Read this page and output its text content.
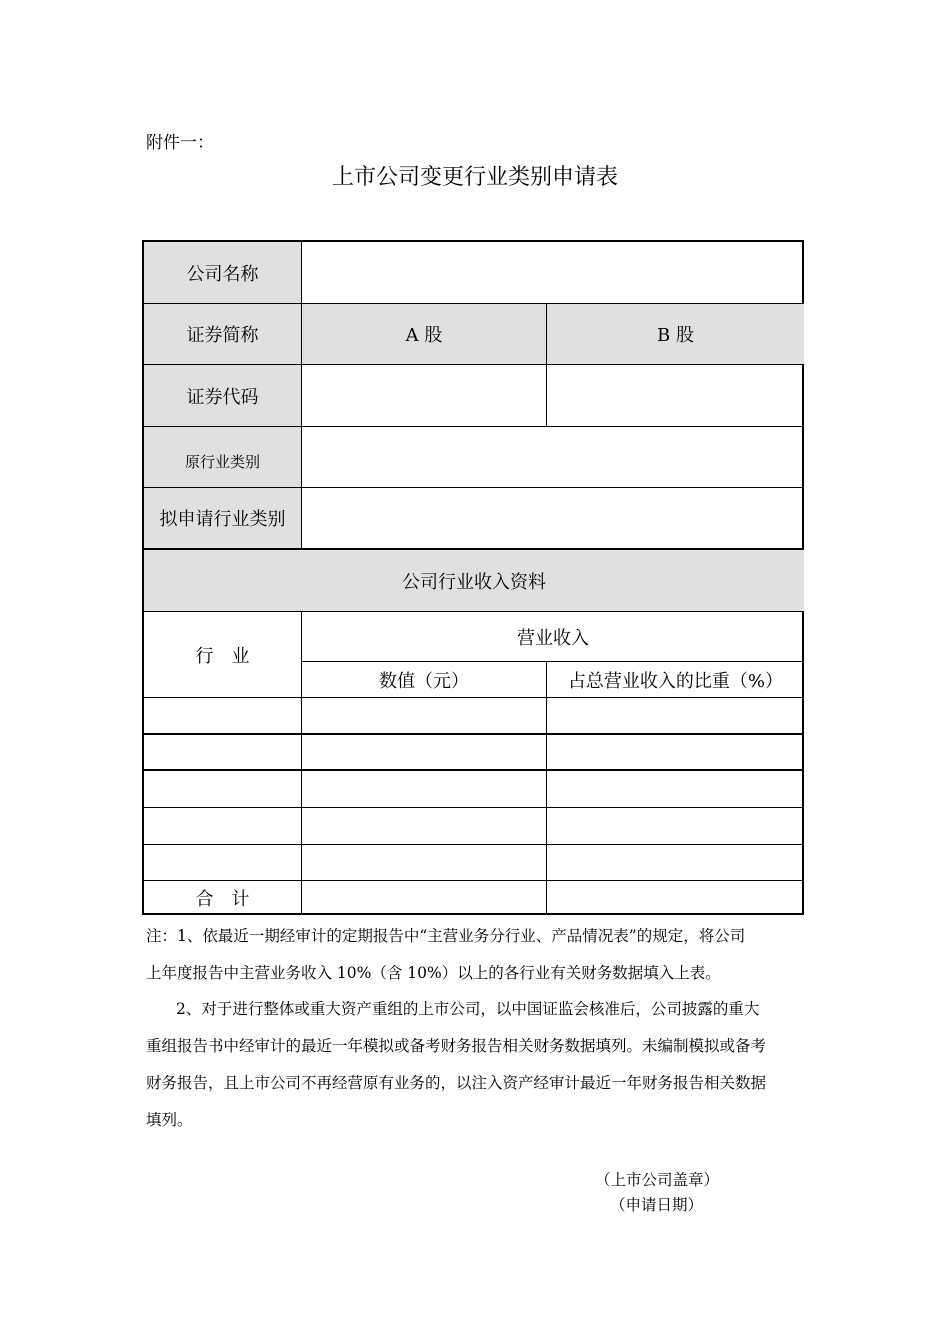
附件一：
上市公司变更行业类别申请表
公司名称
证券简称	A 股	B 股
证券代码
原行业类别
拟申请行业类别
公司行业收入资料
行　业
营业收入
数值（元）	占总营业收入的比重（%）
合　计
注：1、依最近一期经审计的定期报告中“主营业务分行业、产品情况表”的规定，将公司
上年度报告中主营业务收入 10%（含 10%）以上的各行业有关财务数据填入上表。
2、对于进行整体或重大资产重组的上市公司，以中国证监会核准后，公司披露的重大
重组报告书中经审计的最近一年模拟或备考财务报告相关财务数据填列。未编制模拟或备考
财务报告，且上市公司不再经营原有业务的，以注入资产经审计最近一年财务报告相关数据
填列。
（上市公司盖章）
（申请日期）
